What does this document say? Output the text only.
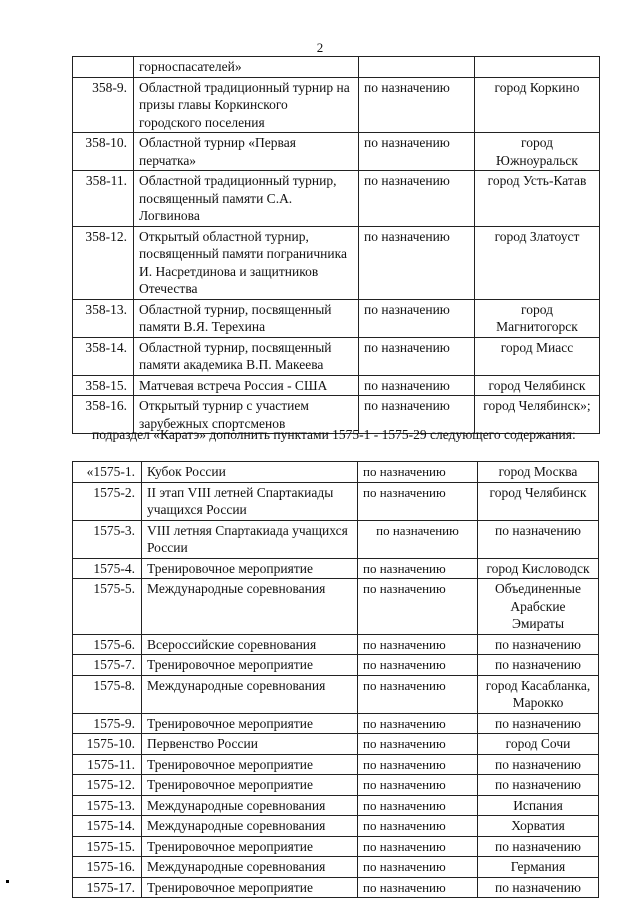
2
	горноспасателей»		
358-9.	Областной традиционный турнир на призы главы Коркинского городского поселения	по назначению	город Коркино
358-10.	Областной турнир «Первая перчатка»	по назначению	город Южноуральск
358-11.	Областной традиционный турнир, посвященный памяти С.А. Логвинова	по назначению	город Усть-Катав
358-12.	Открытый областной турнир, посвященный памяти пограничника И. Насретдинова и защитников Отечества	по назначению	город Златоуст
358-13.	Областной турнир, посвященный памяти В.Я. Терехина	по назначению	город Магнитогорск
358-14.	Областной турнир, посвященный памяти академика В.П. Макеева	по назначению	город Миасс
358-15.	Матчевая встреча Россия - США	по назначению	город Челябинск
358-16.	Открытый турнир с участием зарубежных спортсменов	по назначению	город Челябинск»;
подраздел «Каратэ» дополнить пунктами 1575-1 - 1575-29 следующего содержания:
«1575-1.	Кубок России	по назначению	город Москва
1575-2.	II этап VIII летней Спартакиады учащихся России	по назначению	город Челябинск
1575-3.	VIII летняя Спартакиада учащихся России	по назначению	по назначению
1575-4.	Тренировочное мероприятие	по назначению	город Кисловодск
1575-5.	Международные соревнования	по назначению	Объединенные Арабские Эмираты
1575-6.	Всероссийские соревнования	по назначению	по назначению
1575-7.	Тренировочное мероприятие	по назначению	по назначению
1575-8.	Международные соревнования	по назначению	город Касабланка, Марокко
1575-9.	Тренировочное мероприятие	по назначению	по назначению
1575-10.	Первенство России	по назначению	город Сочи
1575-11.	Тренировочное мероприятие	по назначению	по назначению
1575-12.	Тренировочное мероприятие	по назначению	по назначению
1575-13.	Международные соревнования	по назначению	Испания
1575-14.	Международные соревнования	по назначению	Хорватия
1575-15.	Тренировочное мероприятие	по назначению	по назначению
1575-16.	Международные соревнования	по назначению	Германия
1575-17.	Тренировочное мероприятие	по назначению	по назначению
